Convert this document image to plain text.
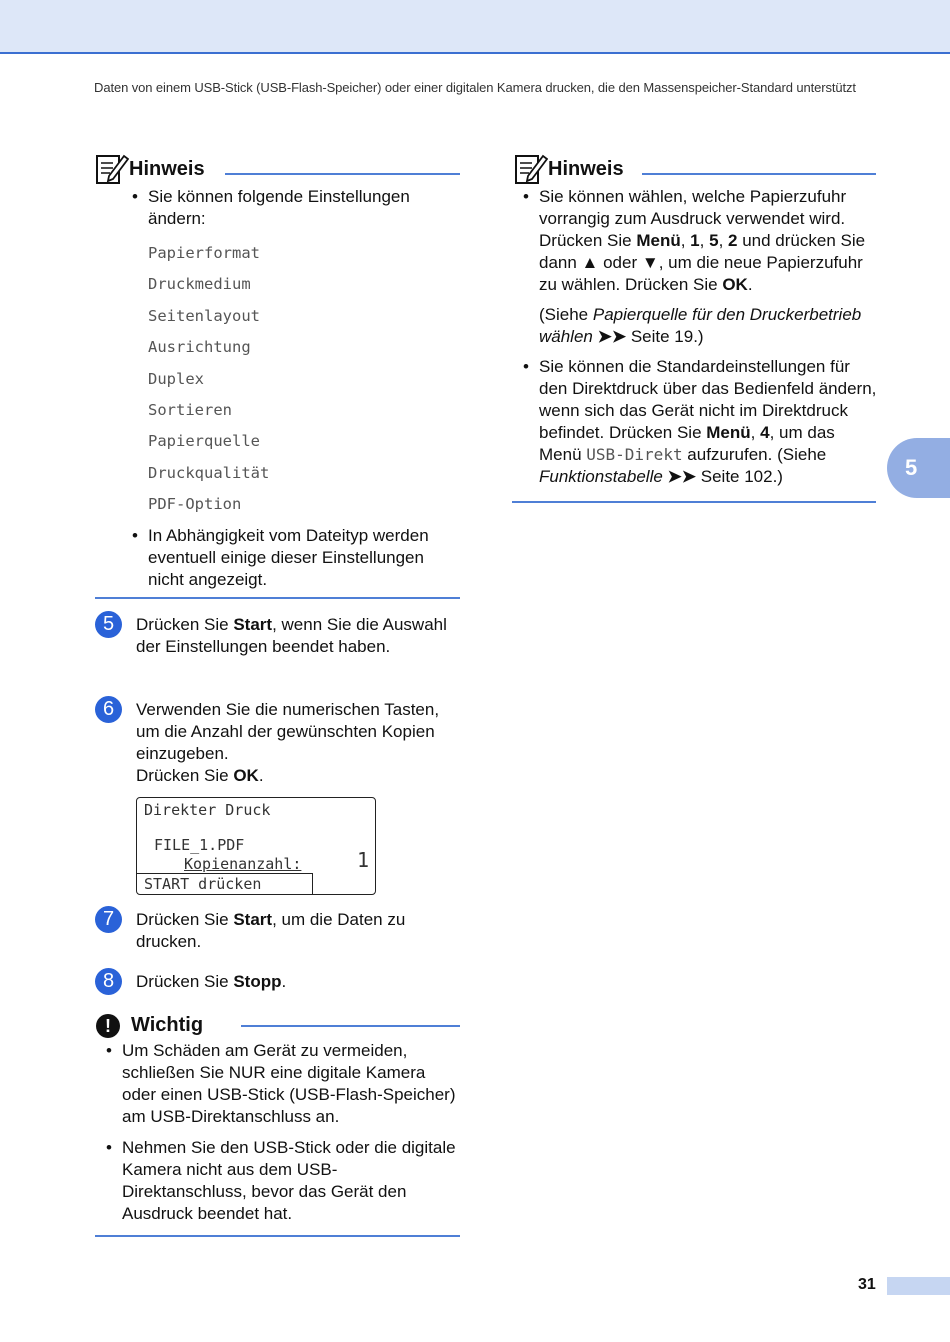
Daten von einem USB-Stick (USB-Flash-Speicher) oder einer digitalen Kamera drucken, die den Massenspeicher-Standard unterstützt
Hinweis
• Sie können folgende Einstellungen ändern:
Papierformat
Druckmedium
Seitenlayout
Ausrichtung
Duplex
Sortieren
Papierquelle
Druckqualität
PDF-Option
• In Abhängigkeit vom Dateityp werden eventuell einige dieser Einstellungen nicht angezeigt.
Hinweis
• Sie können wählen, welche Papierzufuhr vorrangig zum Ausdruck verwendet wird. Drücken Sie Menü, 1, 5, 2 und drücken Sie dann ▲ oder ▼, um die neue Papierzufuhr zu wählen. Drücken Sie OK.
(Siehe Papierquelle für den Druckerbetrieb wählen ➤➤ Seite 19.)
• Sie können die Standardeinstellungen für den Direktdruck über das Bedienfeld ändern, wenn sich das Gerät nicht im Direktdruck befindet. Drücken Sie Menü, 4, um das Menü USB-Direkt aufzurufen. (Siehe Funktionstabelle ➤➤ Seite 102.)
5	Drücken Sie Start, wenn Sie die Auswahl der Einstellungen beendet haben.
6	Verwenden Sie die numerischen Tasten, um die Anzahl der gewünschten Kopien einzugeben.
Drücken Sie OK.
Direkter Druck
FILE_1.PDF
Kopienanzahl:	1
START drücken
7	Drücken Sie Start, um die Daten zu drucken.
8	Drücken Sie Stopp.
!	Wichtig
• Um Schäden am Gerät zu vermeiden, schließen Sie NUR eine digitale Kamera oder einen USB-Stick (USB-Flash-Speicher) am USB-Direktanschluss an.
• Nehmen Sie den USB-Stick oder die digitale Kamera nicht aus dem USB-Direktanschluss, bevor das Gerät den Ausdruck beendet hat.
5
31
